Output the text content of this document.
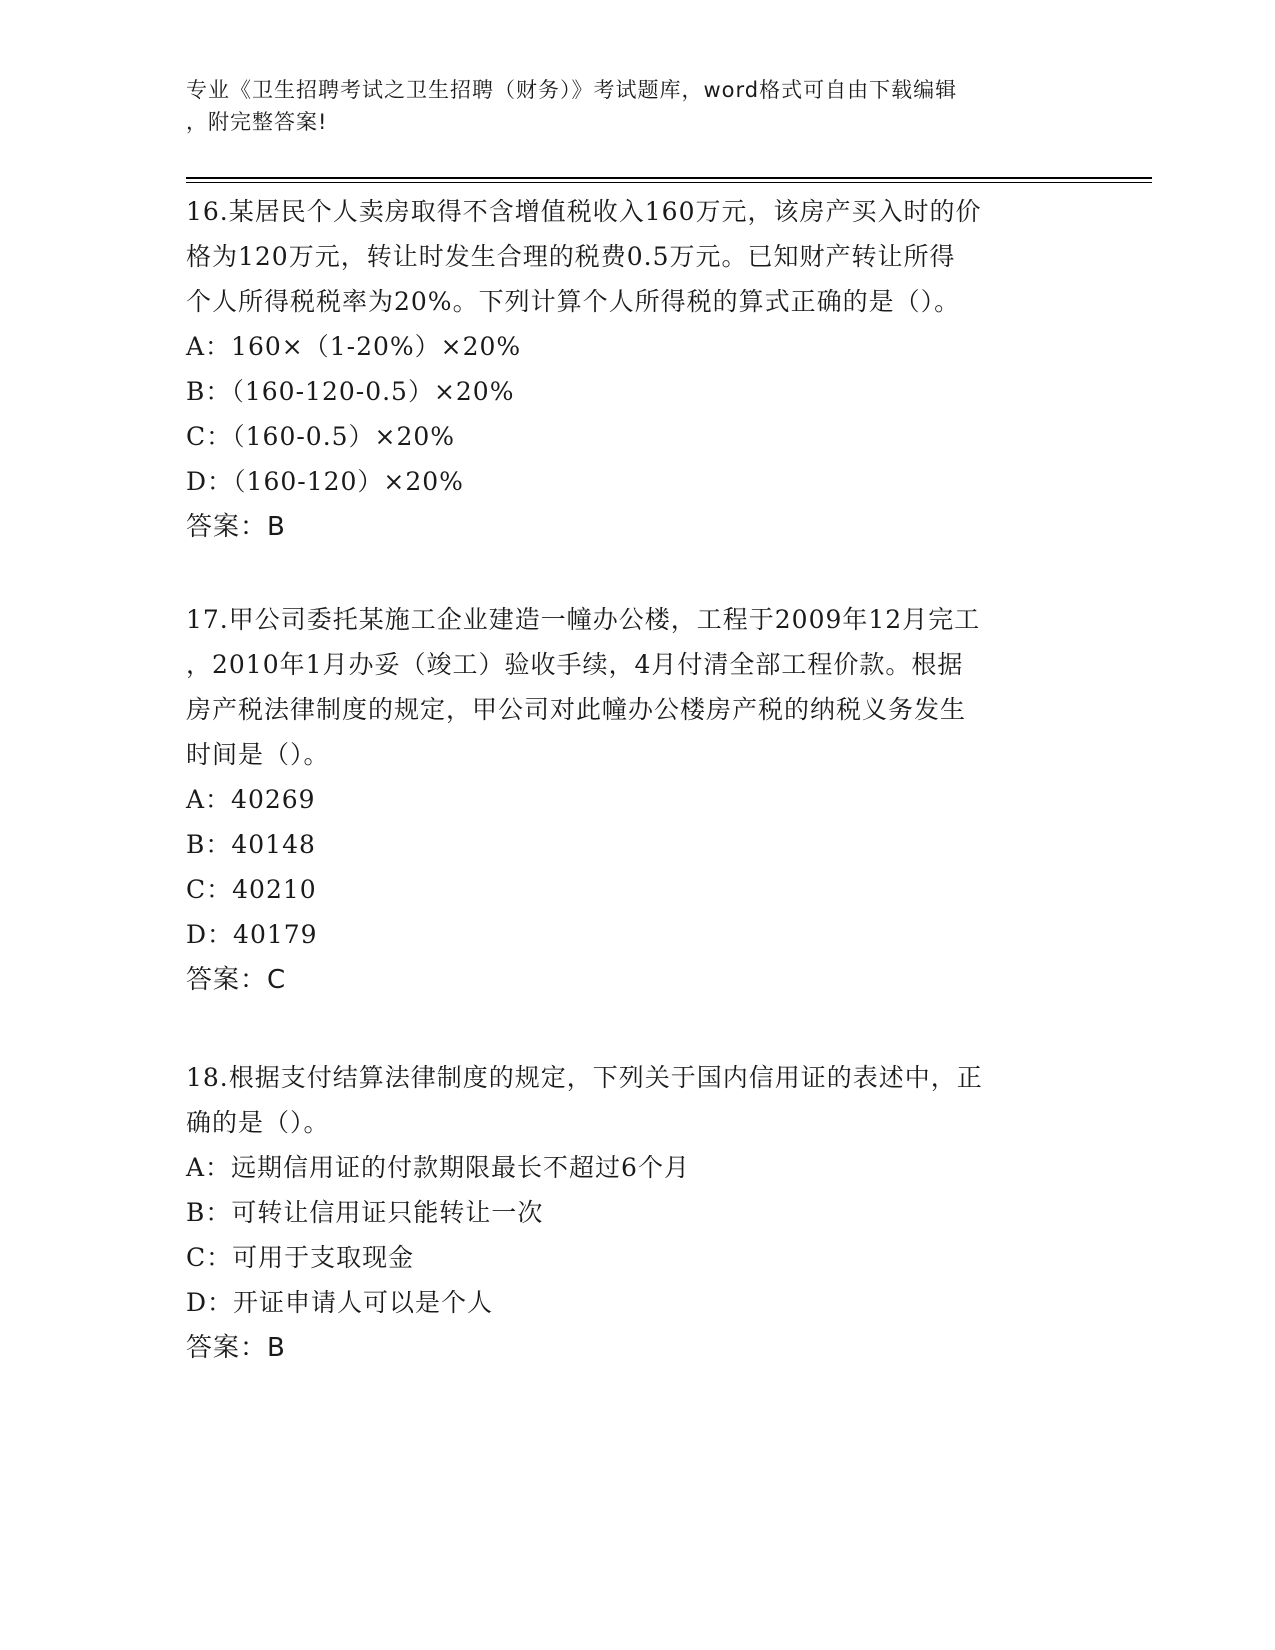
专业《卫生招聘考试之卫生招聘（财务）》考试题库，word格式可自由下载编辑
，附完整答案!
16.某居民个人卖房取得不含增值税收入160万元，该房产买入时的价
格为120万元，转让时发生合理的税费0.5万元。已知财产转让所得
个人所得税税率为20%。下列计算个人所得税的算式正确的是（）。
A：160×（1-20%）×20%
B：（160-120-0.5）×20%
C：（160-0.5）×20%
D：（160-120）×20%
答案：B
17.甲公司委托某施工企业建造一幢办公楼，工程于2009年12月完工
，2010年1月办妥（竣工）验收手续，4月付清全部工程价款。根据
房产税法律制度的规定，甲公司对此幢办公楼房产税的纳税义务发生
时间是（）。
A：40269
B：40148
C：40210
D：40179
答案：C
18.根据支付结算法律制度的规定，下列关于国内信用证的表述中，正
确的是（）。
A：远期信用证的付款期限最长不超过6个月
B：可转让信用证只能转让一次
C：可用于支取现金
D：开证申请人可以是个人
答案：B
